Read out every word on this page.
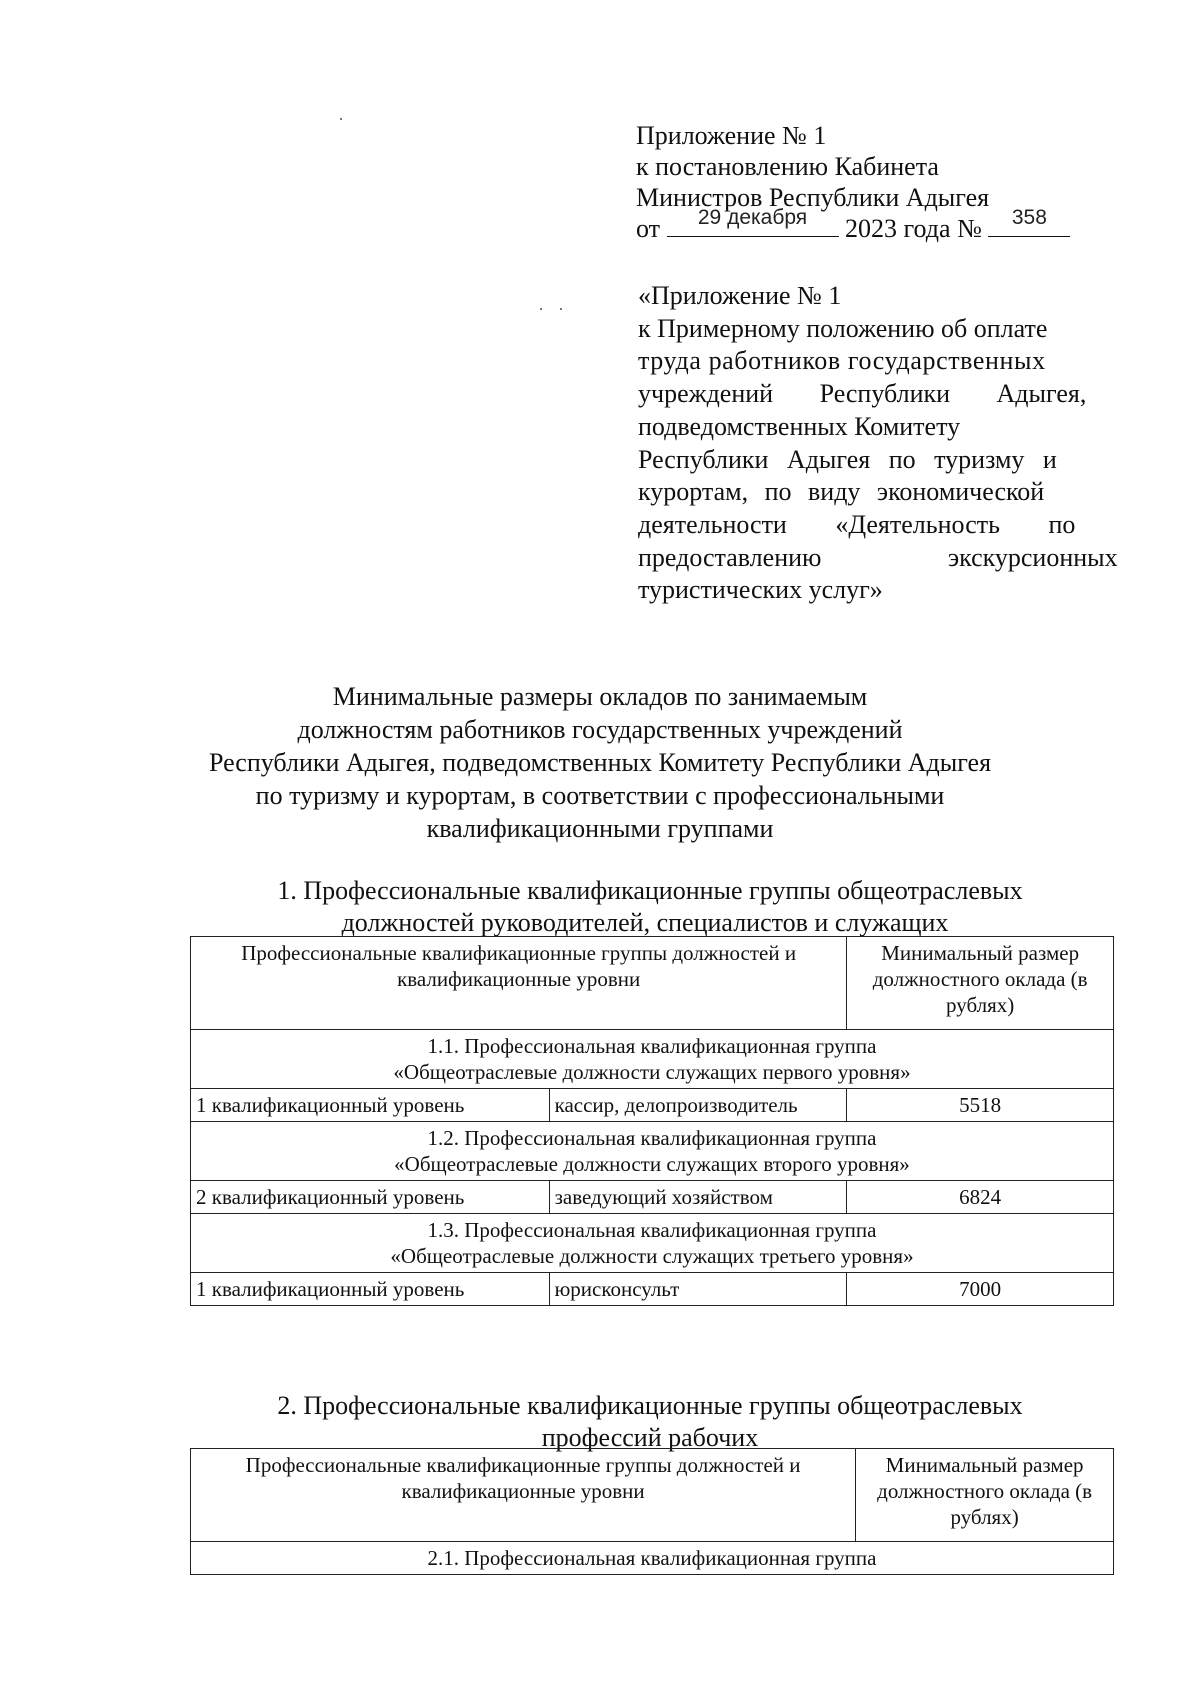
Приложение № 1
к постановлению Кабинета
Министров Республики Адыгея
от	29 декабря	2023 года №	358
«Приложение № 1
к Примерному положению об оплате
труда работников государственных
учреждений Республики Адыгея,
подведомственных Комитету
Республики Адыгея по туризму и
курортам, по виду экономической
деятельности «Деятельность по
предоставлению экскурсионных
туристических услуг»
Минимальные размеры окладов по занимаемым
должностям работников государственных учреждений
Республики Адыгея, подведомственных Комитету Республики Адыгея
по туризму и курортам, в соответствии с профессиональными
квалификационными группами
1. Профессиональные квалификационные группы общеотраслевых
должностей руководителей, специалистов и служащих
Профессиональные квалификационные группы должностей и квалификационные уровни		Минимальный размер должностного оклада (в рублях)

1.1. Профессиональная квалификационная группа
«Общеотраслевые должности служащих первого уровня»		

1 квалификационный уровень	кассир, делопроизводитель	5518

1.2. Профессиональная квалификационная группа
«Общеотраслевые должности служащих второго уровня»		

2 квалификационный уровень	заведующий хозяйством	6824

1.3. Профессиональная квалификационная группа
«Общеотраслевые должности служащих третьего уровня»		

1 квалификационный уровень	юрисконсульт	7000
2. Профессиональные квалификационные группы общеотраслевых
профессий рабочих
Профессиональные квалификационные группы должностей и квалификационные уровни	Минимальный размер должностного оклада (в рублях)
2.1. Профессиональная квалификационная группа
